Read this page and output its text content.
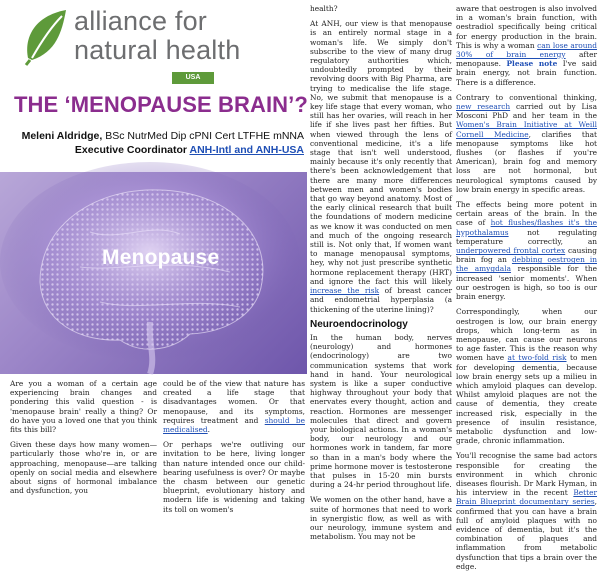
alliance for
natural health
USA
THE ‘MENOPAUSE BRAIN’?
Meleni Aldridge, BSc NutrMed Dip cPNI Cert LTFHE mNNA
Executive Coordinator ANH-Intl and ANH-USA
Menopause

Are you a woman of a certain age experiencing brain changes and pondering this valid question - is 'menopause brain' really a thing? Or do have you a loved one that you think fits this bill?

Given these days how many women—particularly those who're in, or are approaching, menopause—are talking openly on social media and elsewhere about signs of hormonal imbalance and dysfunction, you

could be of the view that nature has created a life stage that disadvantages women. Or that menopause, and its symptoms, requires treatment and should be medicalised.

Or perhaps we're outliving our invitation to be here, living longer than nature intended once our child-bearing usefulness is over? Or maybe the chasm between our genetic blueprint, evolutionary history and modern life is widening and taking its toll on women's

health?

At ANH, our view is that menopause is an entirely normal stage in a woman's life. We simply don't subscribe to the view of many drug regulatory authorities which, undoubtedly prompted by their revolving doors with Big Pharma, are trying to medicalise the life stage. No, we submit that menopause is a key life stage that every woman, who still has her ovaries, will reach in her life if she lives past her fifties. But when viewed through the lens of conventional medicine, it's a life stage that isn't well understood, mainly because it's only recently that there's been acknowledgement that there are many more differences between men and women's bodies that go way beyond anatomy. Most of the early clinical research that built the foundations of modern medicine as we know it was conducted on men and much of the ongoing research still is. Not only that, If women want to manage menopausal symptoms, hey, why not just prescribe synthetic hormone replacement therapy (HRT) and ignore the fact this will likely increase the risk of breast cancer and endometrial hyperplasia (a thickening of the uterine lining)?

Neuroendocrinology

In the human body, nerves (neurology) and hormones (endocrinology) are two communication systems that work hand in hand. Your neurological system is like a super conductive highway throughout your body that enervates every thought, action and reaction. Hormones are messenger molecules that direct and govern your biological actions. In a woman's body, our neurology and our hormones work in tandem, far more so than in a man's body where the prime hormone mover is testosterone that pulses in 15-20 min bursts during a 24-hr period throughout life.

We women on the other hand, have a suite of hormones that need to work in synergistic flow, as well as with our neurology, immune system and metabolism. You may not be

aware that oestrogen is also involved in a woman's brain function, with oestradiol specifically being critical for energy production in the brain. This is why a woman can lose around 30% of brain energy after menopause. Please note I've said brain energy, not brain function. There is a difference.

Contrary to conventional thinking, new research carried out by Lisa Mosconi PhD and her team in the Women's Brain Initiative at Weill Cornell Medicine, clarifies that menopause symptoms like hot flushes (or flashes if you're American), brain fog and memory loss are not hormonal, but neurological symptoms caused by low brain energy in specific areas.

The effects being more potent in certain areas of the brain. In the case of hot flushes/flashes it's the hypothalamus not regulating temperature correctly, an underpowered frontal cortex causing brain fog an debbing oestrogen in the amygdala responsible for the increased 'senior moments'. When our oestrogen is high, so too is our brain energy.

Correspondingly, when our oestrogen is low, our brain energy drops, which long-term as in menopause, can cause our neurons to age faster. This is the reason why women have at two-fold risk to men for developing dementia, because low brain energy sets up a milieu in which amyloid plaques can develop. Whilst amyloid plaques are not the cause of dementia, they create increased risk, especially in the presence of insulin resistance, metabolic dysfunction and low-grade, chronic inflammation.

You'll recognise the same bad actors responsible for creating the environment in which chronic diseases flourish. Dr Mark Hyman, in his interview in the recent Better Brain Blueprint documentary series, confirmed that you can have a brain full of amyloid plaques with no evidence of dementia, but it's the combination of plaques and inflammation from metabolic dysfunction that tips a brain over the edge.
